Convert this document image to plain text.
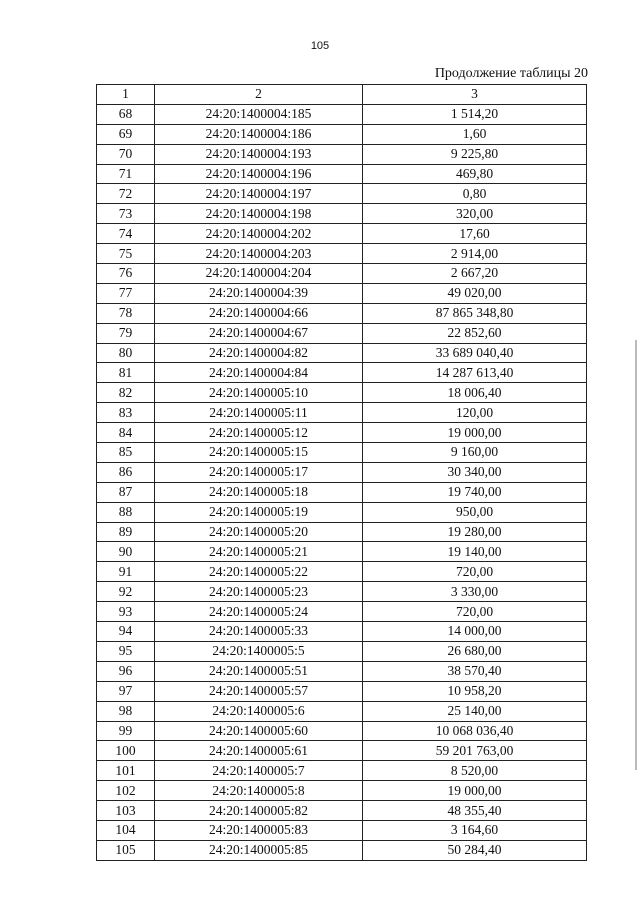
105
Продолжение таблицы 20
1	2	3
68	24:20:1400004:185	1 514,20
69	24:20:1400004:186	1,60
70	24:20:1400004:193	9 225,80
71	24:20:1400004:196	469,80
72	24:20:1400004:197	0,80
73	24:20:1400004:198	320,00
74	24:20:1400004:202	17,60
75	24:20:1400004:203	2 914,00
76	24:20:1400004:204	2 667,20
77	24:20:1400004:39	49 020,00
78	24:20:1400004:66	87 865 348,80
79	24:20:1400004:67	22 852,60
80	24:20:1400004:82	33 689 040,40
81	24:20:1400004:84	14 287 613,40
82	24:20:1400005:10	18 006,40
83	24:20:1400005:11	120,00
84	24:20:1400005:12	19 000,00
85	24:20:1400005:15	9 160,00
86	24:20:1400005:17	30 340,00
87	24:20:1400005:18	19 740,00
88	24:20:1400005:19	950,00
89	24:20:1400005:20	19 280,00
90	24:20:1400005:21	19 140,00
91	24:20:1400005:22	720,00
92	24:20:1400005:23	3 330,00
93	24:20:1400005:24	720,00
94	24:20:1400005:33	14 000,00
95	24:20:1400005:5	26 680,00
96	24:20:1400005:51	38 570,40
97	24:20:1400005:57	10 958,20
98	24:20:1400005:6	25 140,00
99	24:20:1400005:60	10 068 036,40
100	24:20:1400005:61	59 201 763,00
101	24:20:1400005:7	8 520,00
102	24:20:1400005:8	19 000,00
103	24:20:1400005:82	48 355,40
104	24:20:1400005:83	3 164,60
105	24:20:1400005:85	50 284,40
